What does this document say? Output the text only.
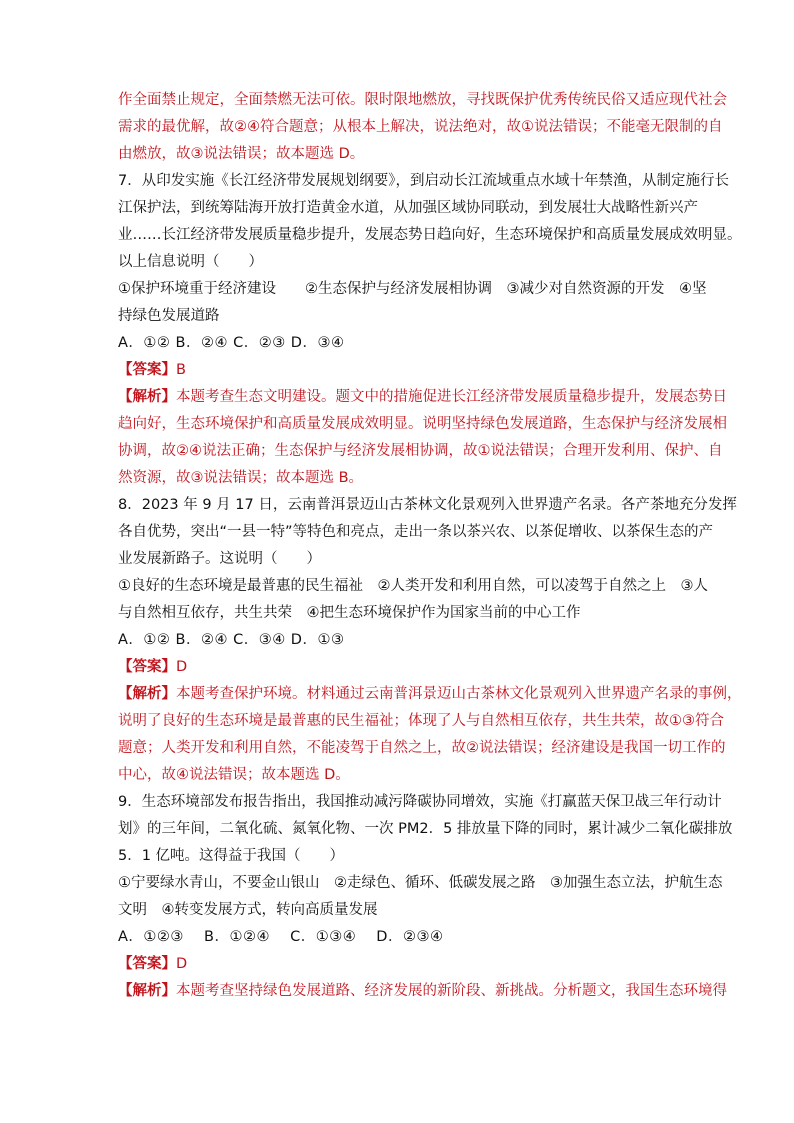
作全面禁止规定，全面禁燃无法可依。限时限地燃放，寻找既保护优秀传统民俗又适应现代社会
需求的最优解，故②④符合题意；从根本上解决，说法绝对，故①说法错误；不能毫无限制的自
由燃放，故③说法错误；故本题选 D。
7．从印发实施《长江经济带发展规划纲要》，到启动长江流域重点水域十年禁渔，从制定施行长
江保护法，到统筹陆海开放打造黄金水道，从加强区域协同联动，到发展壮大战略性新兴产
业……长江经济带发展质量稳步提升，发展态势日趋向好，生态环境保护和高质量发展成效明显。
以上信息说明（　　）
①保护环境重于经济建设　　②生态保护与经济发展相协调　③减少对自然资源的开发　④坚
持绿色发展道路
A．①② B．②④ C．②③ D．③④
【答案】B
【解析】本题考查生态文明建设。题文中的措施促进长江经济带发展质量稳步提升，发展态势日
趋向好，生态环境保护和高质量发展成效明显。说明坚持绿色发展道路，生态保护与经济发展相
协调，故②④说法正确；生态保护与经济发展相协调，故①说法错误；合理开发利用、保护、自
然资源，故③说法错误；故本题选 B。
8．2023 年 9 月 17 日，云南普洱景迈山古茶林文化景观列入世界遗产名录。各产茶地充分发挥
各自优势，突出“一县一特”等特色和亮点，走出一条以茶兴农、以茶促增收、以茶保生态的产
业发展新路子。这说明（　　）
①良好的生态环境是最普惠的民生福祉　②人类开发和利用自然，可以凌驾于自然之上　③人
与自然相互依存，共生共荣　④把生态环境保护作为国家当前的中心工作
A．①② B．②④ C．③④ D．①③
【答案】D
【解析】本题考查保护环境。材料通过云南普洱景迈山古茶林文化景观列入世界遗产名录的事例，
说明了良好的生态环境是最普惠的民生福祉；体现了人与自然相互依存，共生共荣，故①③符合
题意；人类开发和利用自然，不能凌驾于自然之上，故②说法错误；经济建设是我国一切工作的
中心，故④说法错误；故本题选 D。
9．生态环境部发布报告指出，我国推动减污降碳协同增效，实施《打赢蓝天保卫战三年行动计
划》的三年间，二氧化硫、氮氧化物、一次 PM2．5 排放量下降的同时，累计减少二氧化碳排放
5．1 亿吨。这得益于我国（　　）
①宁要绿水青山，不要金山银山　②走绿色、循环、低碳发展之路　③加强生态立法，护航生态
文明　④转变发展方式，转向高质量发展
A．①②③　 B．①②④　 C．①③④　 D．②③④
【答案】D
【解析】本题考查坚持绿色发展道路、经济发展的新阶段、新挑战。分析题文，我国生态环境得
